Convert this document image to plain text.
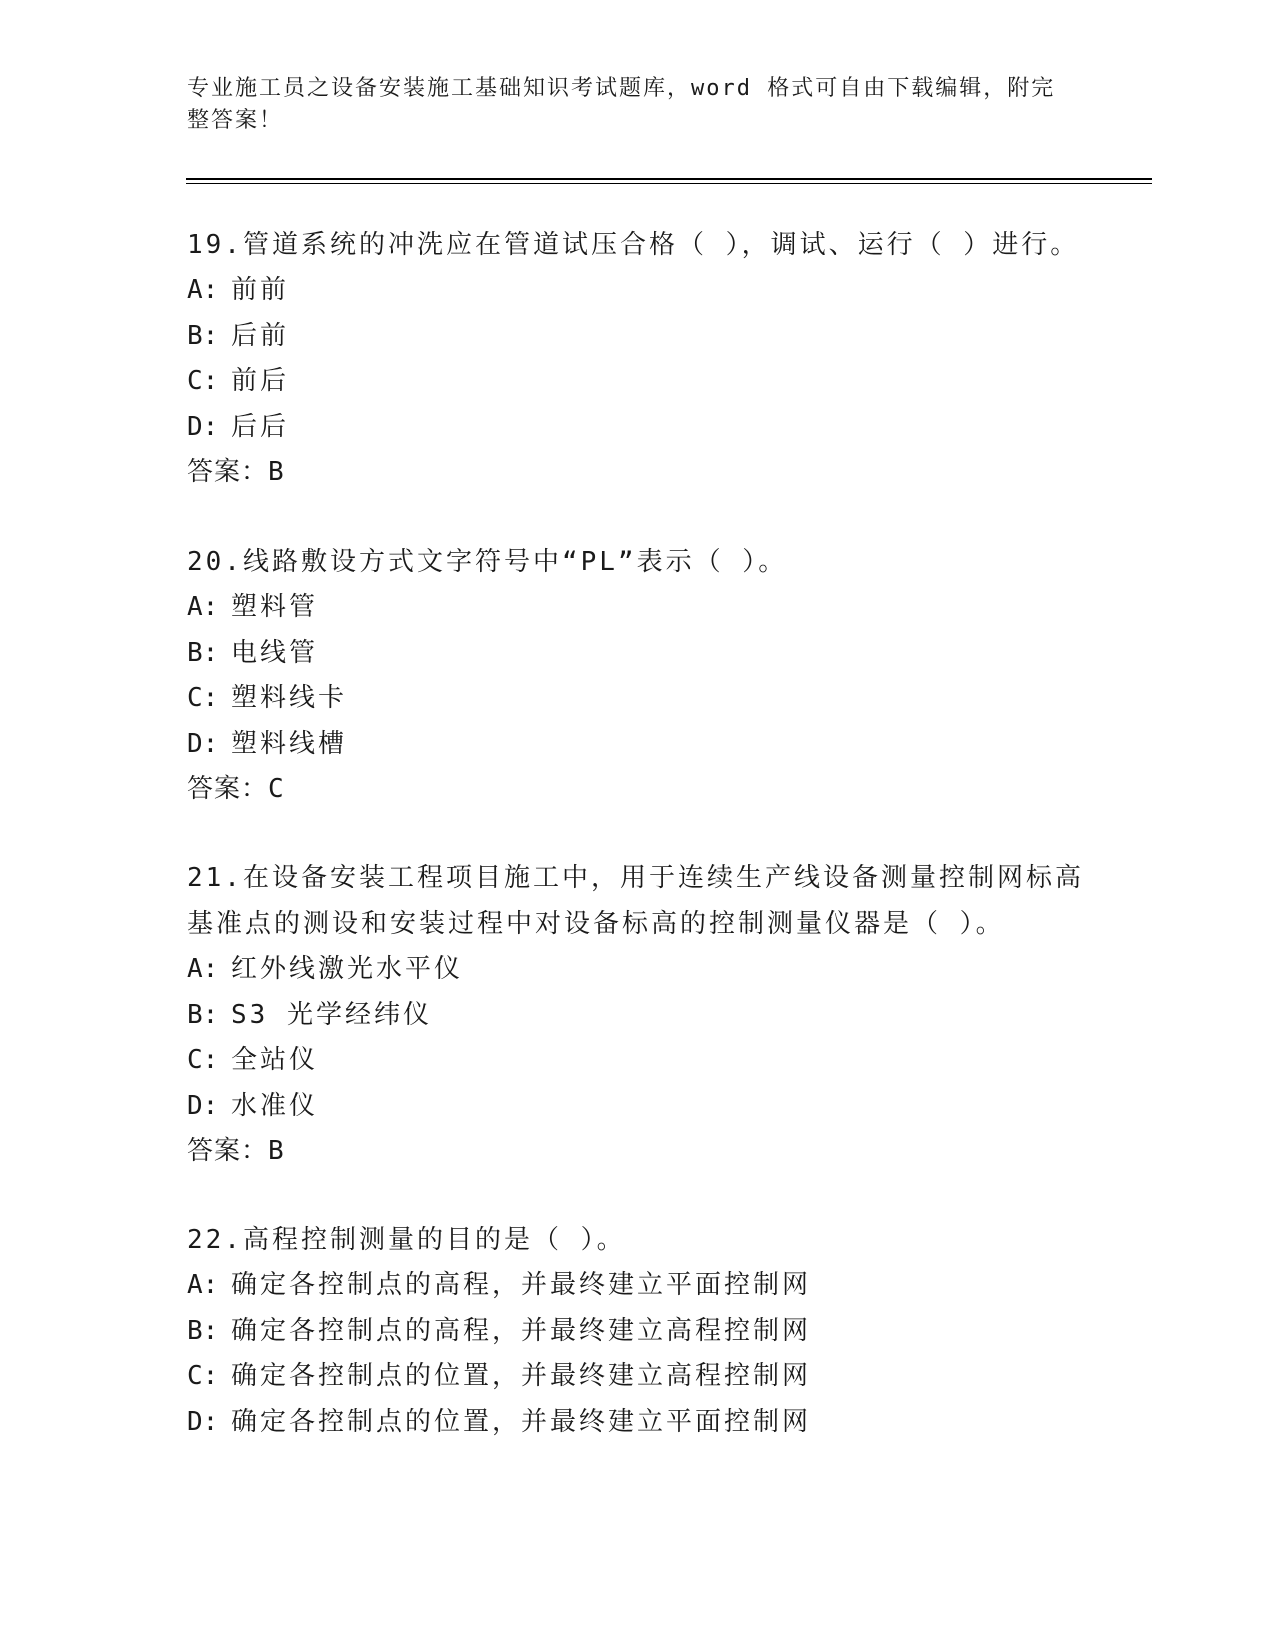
专业施工员之设备安装施工基础知识考试题库，word 格式可自由下载编辑，附完整答案！

19.管道系统的冲洗应在管道试压合格（ ），调试、运行（ ）进行。

A: 前前

B: 后前

C: 前后

D: 后后

答案：B

20.线路敷设方式文字符号中“PL”表示（ ）。

A: 塑料管

B: 电线管

C: 塑料线卡

D: 塑料线槽

答案：C

21.在设备安装工程项目施工中，用于连续生产线设备测量控制网标高基准点的测设和安装过程中对设备标高的控制测量仪器是（ ）。

A: 红外线激光水平仪

B: S3 光学经纬仪

C: 全站仪

D: 水准仪

答案：B

22.高程控制测量的目的是（ ）。

A: 确定各控制点的高程，并最终建立平面控制网

B: 确定各控制点的高程，并最终建立高程控制网

C: 确定各控制点的位置，并最终建立高程控制网

D: 确定各控制点的位置，并最终建立平面控制网
